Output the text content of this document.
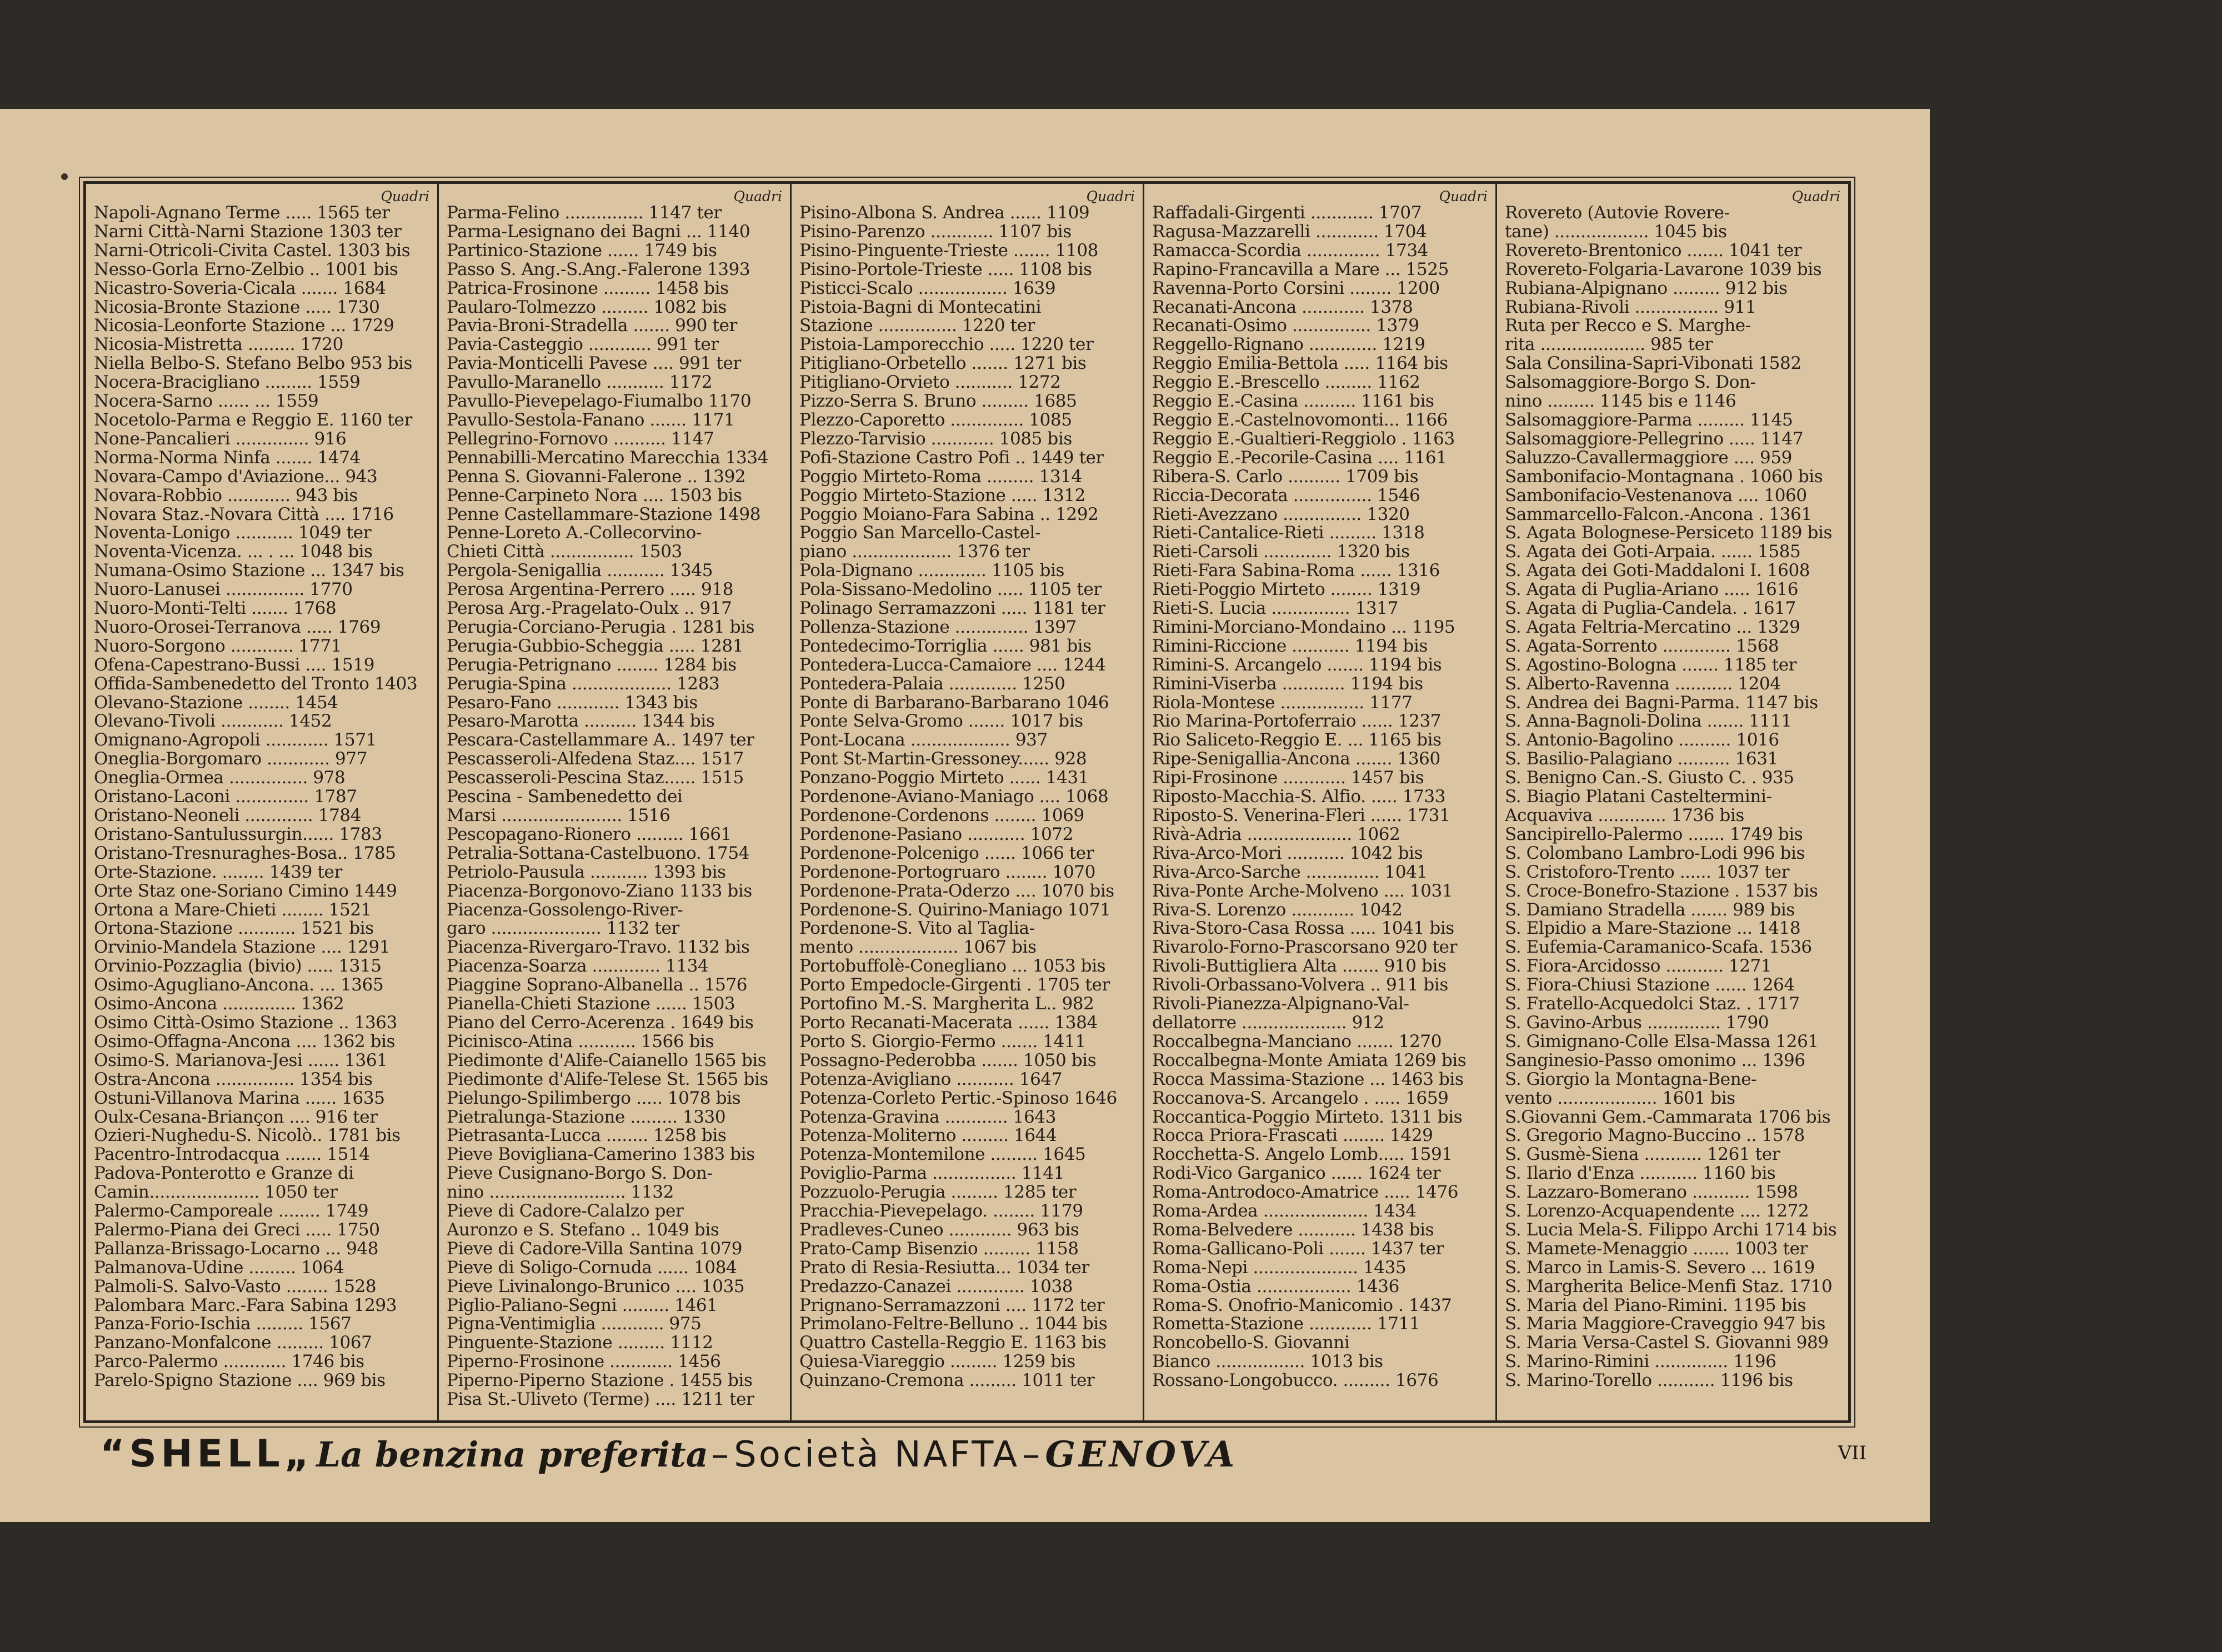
Quadri
Napoli-Agnano Terme ..... 1565 ter
Narni Città-Narni Stazione 1303 ter
Narni-Otricoli-Civita Castel. 1303 bis
Nesso-Gorla Erno-Zelbio .. 1001 bis
Nicastro-Soveria-Cicala ....... 1684
Nicosia-Bronte Stazione ..... 1730
Nicosia-Leonforte Stazione ... 1729
Nicosia-Mistretta ......... 1720
Niella Belbo-S. Stefano Belbo 953 bis
Nocera-Bracigliano ......... 1559
Nocera-Sarno ...... ... 1559
Nocetolo-Parma e Reggio E. 1160 ter
None-Pancalieri .............. 916
Norma-Norma Ninfa ....... 1474
Novara-Campo d'Aviazione... 943
Novara-Robbio ............ 943 bis
Novara Staz.-Novara Città .... 1716
Noventa-Lonigo ........... 1049 ter
Noventa-Vicenza. ... . ... 1048 bis
Numana-Osimo Stazione ... 1347 bis
Nuoro-Lanusei ............... 1770
Nuoro-Monti-Telti ....... 1768
Nuoro-Orosei-Terranova ..... 1769
Nuoro-Sorgono ............ 1771
Ofena-Capestrano-Bussi .... 1519
Offida-Sambenedetto del Tronto 1403
Olevano-Stazione ........ 1454
Olevano-Tivoli ............ 1452
Omignano-Agropoli ............ 1571
Oneglia-Borgomaro ............ 977
Oneglia-Ormea ............... 978
Oristano-Laconi .............. 1787
Oristano-Neoneli ............. 1784
Oristano-Santulussurgin...... 1783
Oristano-Tresnuraghes-Bosa.. 1785
Orte-Stazione. ........ 1439 ter
Orte Staz one-Soriano Cimino 1449
Ortona a Mare-Chieti ........ 1521
Ortona-Stazione ........... 1521 bis
Orvinio-Mandela Stazione .... 1291
Orvinio-Pozzaglia (bivio) ..... 1315
Osimo-Agugliano-Ancona. ... 1365
Osimo-Ancona .............. 1362
Osimo Città-Osimo Stazione .. 1363
Osimo-Offagna-Ancona .... 1362 bis
Osimo-S. Marianova-Jesi ...... 1361
Ostra-Ancona ............... 1354 bis
Ostuni-Villanova Marina ...... 1635
Oulx-Cesana-Briançon .... 916 ter
Ozieri-Nughedu-S. Nicolò.. 1781 bis
Pacentro-Introdacqua ....... 1514
Padova-Ponterotto e Granze di
Camin..................... 1050 ter
Palermo-Camporeale ........ 1749
Palermo-Piana dei Greci ..... 1750
Pallanza-Brissago-Locarno ... 948
Palmanova-Udine ......... 1064
Palmoli-S. Salvo-Vasto ........ 1528
Palombara Marc.-Fara Sabina 1293
Panza-Forio-Ischia ......... 1567
Panzano-Monfalcone ......... 1067
Parco-Palermo ............ 1746 bis
Parelo-Spigno Stazione .... 969 bis
Quadri
Parma-Felino ............... 1147 ter
Parma-Lesignano dei Bagni ... 1140
Partinico-Stazione ...... 1749 bis
Passo S. Ang.-S.Ang.-Falerone 1393
Patrica-Frosinone ......... 1458 bis
Paularo-Tolmezzo ......... 1082 bis
Pavia-Broni-Stradella ....... 990 ter
Pavia-Casteggio ............ 991 ter
Pavia-Monticelli Pavese .... 991 ter
Pavullo-Maranello ........... 1172
Pavullo-Pievepelago-Fiumalbo 1170
Pavullo-Sestola-Fanano ....... 1171
Pellegrino-Fornovo .......... 1147
Pennabilli-Mercatino Marecchia 1334
Penna S. Giovanni-Falerone .. 1392
Penne-Carpineto Nora .... 1503 bis
Penne Castellammare-Stazione 1498
Penne-Loreto A.-Collecorvino-
Chieti Città ................ 1503
Pergola-Senigallia ........... 1345
Perosa Argentina-Perrero ..... 918
Perosa Arg.-Pragelato-Oulx .. 917
Perugia-Corciano-Perugia . 1281 bis
Perugia-Gubbio-Scheggia ..... 1281
Perugia-Petrignano ........ 1284 bis
Perugia-Spina ................... 1283
Pesaro-Fano ............ 1343 bis
Pesaro-Marotta .......... 1344 bis
Pescara-Castellammare A.. 1497 ter
Pescasseroli-Alfedena Staz.... 1517
Pescasseroli-Pescina Staz...... 1515
Pescina - Sambenedetto dei
Marsi ....................... 1516
Pescopagano-Rionero ......... 1661
Petralia-Sottana-Castelbuono. 1754
Petriolo-Pausula ........... 1393 bis
Piacenza-Borgonovo-Ziano 1133 bis
Piacenza-Gossolengo-River-
garo ..................... 1132 ter
Piacenza-Rivergaro-Travo. 1132 bis
Piacenza-Soarza ............. 1134
Piaggine Soprano-Albanella .. 1576
Pianella-Chieti Stazione ...... 1503
Piano del Cerro-Acerenza . 1649 bis
Picinisco-Atina ........... 1566 bis
Piedimonte d'Alife-Caianello 1565 bis
Piedimonte d'Alife-Telese St. 1565 bis
Pielungo-Spilimbergo ..... 1078 bis
Pietralunga-Stazione ......... 1330
Pietrasanta-Lucca ........ 1258 bis
Pieve Bovigliana-Camerino 1383 bis
Pieve Cusignano-Borgo S. Don-
nino .......................... 1132
Pieve di Cadore-Calalzo per
Auronzo e S. Stefano .. 1049 bis
Pieve di Cadore-Villa Santina 1079
Pieve di Soligo-Cornuda ...... 1084
Pieve Livinalongo-Brunico .... 1035
Piglio-Paliano-Segni ......... 1461
Pigna-Ventimiglia ............ 975
Pinguente-Stazione ......... 1112
Piperno-Frosinone ............ 1456
Piperno-Piperno Stazione . 1455 bis
Pisa St.-Uliveto (Terme) .... 1211 ter
Quadri
Pisino-Albona S. Andrea ...... 1109
Pisino-Parenzo ............ 1107 bis
Pisino-Pinguente-Trieste ....... 1108
Pisino-Portole-Trieste ..... 1108 bis
Pisticci-Scalo ................. 1639
Pistoia-Bagni di Montecatini
Stazione ............... 1220 ter
Pistoia-Lamporecchio ..... 1220 ter
Pitigliano-Orbetello ....... 1271 bis
Pitigliano-Orvieto ........... 1272
Pizzo-Serra S. Bruno ......... 1685
Plezzo-Caporetto .............. 1085
Plezzo-Tarvisio ............ 1085 bis
Pofi-Stazione Castro Pofi .. 1449 ter
Poggio Mirteto-Roma ......... 1314
Poggio Mirteto-Stazione ..... 1312
Poggio Moiano-Fara Sabina .. 1292
Poggio San Marcello-Castel-
piano ................... 1376 ter
Pola-Dignano ............. 1105 bis
Pola-Sissano-Medolino ..... 1105 ter
Polinago Serramazzoni ..... 1181 ter
Pollenza-Stazione .............. 1397
Pontedecimo-Torriglia ...... 981 bis
Pontedera-Lucca-Camaiore .... 1244
Pontedera-Palaia ............. 1250
Ponte di Barbarano-Barbarano 1046
Ponte Selva-Gromo ....... 1017 bis
Pont-Locana ................... 937
Pont St-Martin-Gressoney...... 928
Ponzano-Poggio Mirteto ...... 1431
Pordenone-Aviano-Maniago .... 1068
Pordenone-Cordenons ........ 1069
Pordenone-Pasiano ........... 1072
Pordenone-Polcenigo ...... 1066 ter
Pordenone-Portogruaro ........ 1070
Pordenone-Prata-Oderzo .... 1070 bis
Pordenone-S. Quirino-Maniago 1071
Pordenone-S. Vito al Taglia-
mento ................... 1067 bis
Portobuffolè-Conegliano ... 1053 bis
Porto Empedocle-Girgenti . 1705 ter
Portofino M.-S. Margherita L.. 982
Porto Recanati-Macerata ...... 1384
Porto S. Giorgio-Fermo ....... 1411
Possagno-Pederobba ....... 1050 bis
Potenza-Avigliano ........... 1647
Potenza-Corleto Pertic.-Spinoso 1646
Potenza-Gravina ............ 1643
Potenza-Moliterno ......... 1644
Potenza-Montemilone ......... 1645
Poviglio-Parma ................ 1141
Pozzuolo-Perugia ......... 1285 ter
Pracchia-Pievepelago. ........ 1179
Pradleves-Cuneo ............ 963 bis
Prato-Camp Bisenzio ......... 1158
Prato di Resia-Resiutta... 1034 ter
Predazzo-Canazei ............. 1038
Prignano-Serramazzoni .... 1172 ter
Primolano-Feltre-Belluno .. 1044 bis
Quattro Castella-Reggio E. 1163 bis
Quiesa-Viareggio ......... 1259 bis
Quinzano-Cremona ......... 1011 ter
Quadri
Raffadali-Girgenti ............ 1707
Ragusa-Mazzarelli ............ 1704
Ramacca-Scordia .............. 1734
Rapino-Francavilla a Mare ... 1525
Ravenna-Porto Corsini ........ 1200
Recanati-Ancona ............ 1378
Recanati-Osimo ............... 1379
Reggello-Rignano ............. 1219
Reggio Emilia-Bettola ..... 1164 bis
Reggio E.-Brescello ......... 1162
Reggio E.-Casina .......... 1161 bis
Reggio E.-Castelnovomonti... 1166
Reggio E.-Gualtieri-Reggiolo . 1163
Reggio E.-Pecorile-Casina .... 1161
Ribera-S. Carlo .......... 1709 bis
Riccia-Decorata ............... 1546
Rieti-Avezzano ............... 1320
Rieti-Cantalice-Rieti ......... 1318
Rieti-Carsoli ............. 1320 bis
Rieti-Fara Sabina-Roma ...... 1316
Rieti-Poggio Mirteto ........ 1319
Rieti-S. Lucia ............... 1317
Rimini-Morciano-Mondaino ... 1195
Rimini-Riccione ........... 1194 bis
Rimini-S. Arcangelo ....... 1194 bis
Rimini-Viserba ............ 1194 bis
Riola-Montese ................ 1177
Rio Marina-Portoferraio ...... 1237
Rio Saliceto-Reggio E. ... 1165 bis
Ripe-Senigallia-Ancona ....... 1360
Ripi-Frosinone ............ 1457 bis
Riposto-Macchia-S. Alfio. ..... 1733
Riposto-S. Venerina-Fleri ...... 1731
Rivà-Adria .................... 1062
Riva-Arco-Mori ........... 1042 bis
Riva-Arco-Sarche .............. 1041
Riva-Ponte Arche-Molveno .... 1031
Riva-S. Lorenzo ............ 1042
Riva-Storo-Casa Rossa ..... 1041 bis
Rivarolo-Forno-Prascorsano 920 ter
Rivoli-Buttigliera Alta ....... 910 bis
Rivoli-Orbassano-Volvera .. 911 bis
Rivoli-Pianezza-Alpignano-Val-
dellatorre .................... 912
Roccalbegna-Manciano ....... 1270
Roccalbegna-Monte Amiata 1269 bis
Rocca Massima-Stazione ... 1463 bis
Roccanova-S. Arcangelo . ..... 1659
Roccantica-Poggio Mirteto. 1311 bis
Rocca Priora-Frascati ........ 1429
Rocchetta-S. Angelo Lomb..... 1591
Rodi-Vico Garganico ...... 1624 ter
Roma-Antrodoco-Amatrice ..... 1476
Roma-Ardea .................... 1434
Roma-Belvedere ........... 1438 bis
Roma-Gallicano-Poli ....... 1437 ter
Roma-Nepi .................... 1435
Roma-Ostia .................. 1436
Roma-S. Onofrio-Manicomio . 1437
Rometta-Stazione ............ 1711
Roncobello-S. Giovanni
Bianco ................. 1013 bis
Rossano-Longobucco. ......... 1676
Quadri
Rovereto (Autovie Rovere-
tane) .................. 1045 bis
Rovereto-Brentonico ....... 1041 ter
Rovereto-Folgaria-Lavarone 1039 bis
Rubiana-Alpignano ......... 912 bis
Rubiana-Rivoli ................ 911
Ruta per Recco e S. Marghe-
rita .................... 985 ter
Sala Consilina-Sapri-Vibonati 1582
Salsomaggiore-Borgo S. Don-
nino ......... 1145 bis e 1146
Salsomaggiore-Parma ......... 1145
Salsomaggiore-Pellegrino ..... 1147
Saluzzo-Cavallermaggiore .... 959
Sambonifacio-Montagnana . 1060 bis
Sambonifacio-Vestenanova .... 1060
Sammarcello-Falcon.-Ancona . 1361
S. Agata Bolognese-Persiceto 1189 bis
S. Agata dei Goti-Arpaia. ...... 1585
S. Agata dei Goti-Maddaloni I. 1608
S. Agata di Puglia-Ariano ..... 1616
S. Agata di Puglia-Candela. . 1617
S. Agata Feltria-Mercatino ... 1329
S. Agata-Sorrento ............. 1568
S. Agostino-Bologna ....... 1185 ter
S. Alberto-Ravenna ........... 1204
S. Andrea dei Bagni-Parma. 1147 bis
S. Anna-Bagnoli-Dolina ....... 1111
S. Antonio-Bagolino .......... 1016
S. Basilio-Palagiano .......... 1631
S. Benigno Can.-S. Giusto C. . 935
S. Biagio Platani Casteltermini-
Acquaviva ............. 1736 bis
Sancipirello-Palermo ....... 1749 bis
S. Colombano Lambro-Lodi 996 bis
S. Cristoforo-Trento ...... 1037 ter
S. Croce-Bonefro-Stazione . 1537 bis
S. Damiano Stradella ....... 989 bis
S. Elpidio a Mare-Stazione ... 1418
S. Eufemia-Caramanico-Scafa. 1536
S. Fiora-Arcidosso ........... 1271
S. Fiora-Chiusi Stazione ...... 1264
S. Fratello-Acquedolci Staz. . 1717
S. Gavino-Arbus .............. 1790
S. Gimignano-Colle Elsa-Massa 1261
Sanginesio-Passo omonimo ... 1396
S. Giorgio la Montagna-Bene-
vento ................... 1601 bis
S.Giovanni Gem.-Cammarata 1706 bis
S. Gregorio Magno-Buccino .. 1578
S. Gusmè-Siena ........... 1261 ter
S. Ilario d'Enza ........... 1160 bis
S. Lazzaro-Bomerano ........... 1598
S. Lorenzo-Acquapendente .... 1272
S. Lucia Mela-S. Filippo Archi 1714 bis
S. Mamete-Menaggio ....... 1003 ter
S. Marco in Lamis-S. Severo ... 1619
S. Margherita Belice-Menfi Staz. 1710
S. Maria del Piano-Rimini. 1195 bis
S. Maria Maggiore-Craveggio 947 bis
S. Maria Versa-Castel S. Giovanni 989
S. Marino-Rimini .............. 1196
S. Marino-Torello ........... 1196 bis
“SHELL„ La benzina preferita – Società NAFTA – GENOVA	VII
